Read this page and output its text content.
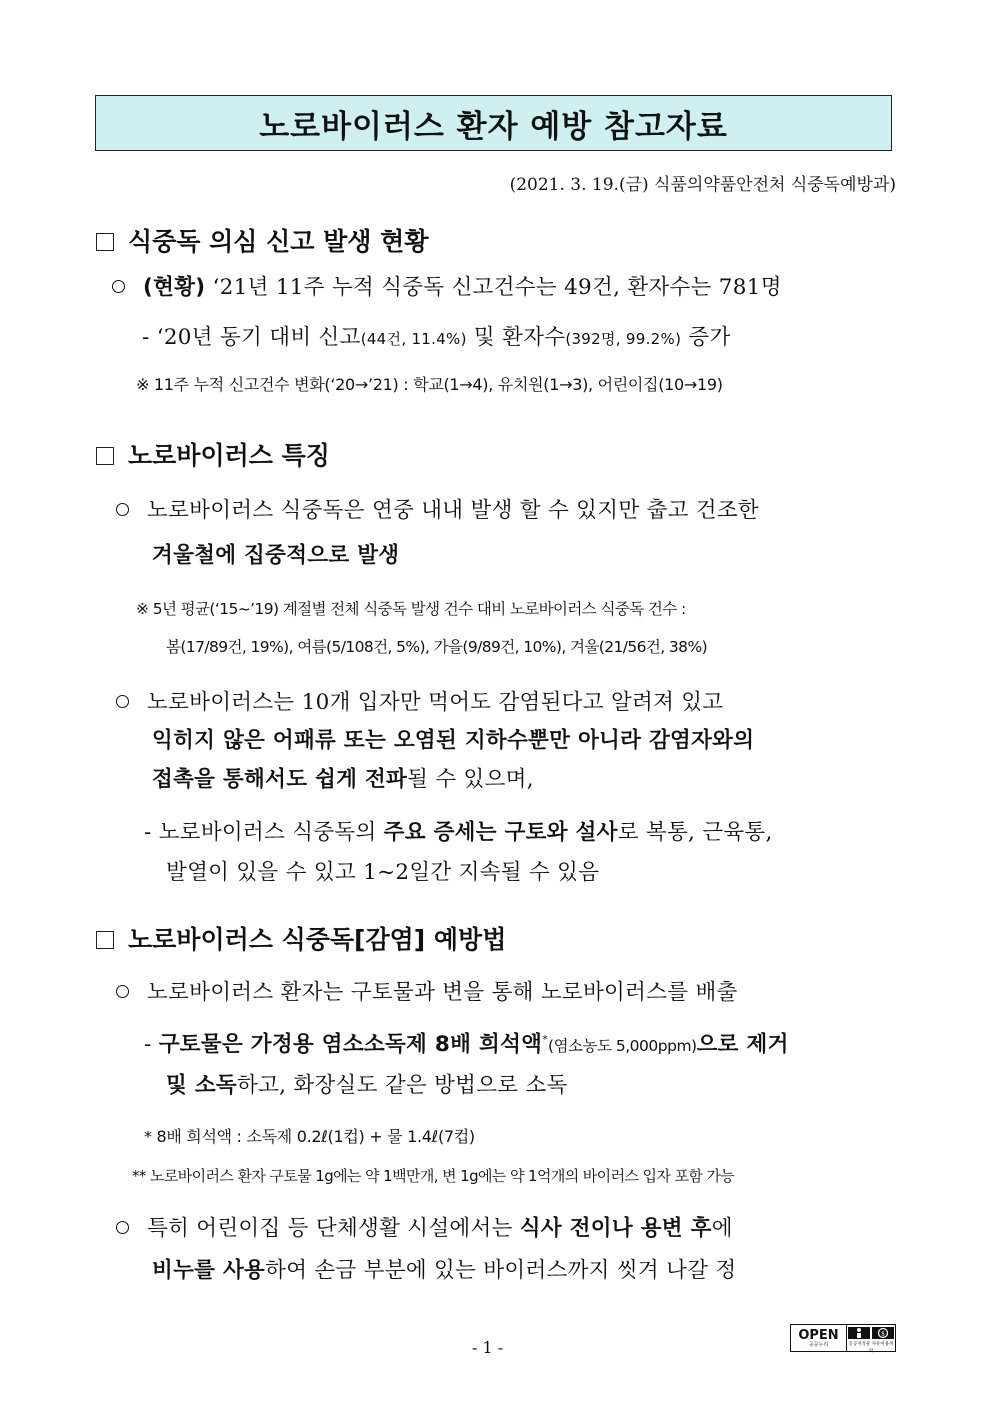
노로바이러스 환자 예방 참고자료
(2021. 3. 19.(금) 식품의약품안전처 식중독예방과)
식중독 의심 신고 발생 현황
(현황) ‘21년 11주 누적 식중독 신고건수는 49건, 환자수는 781명
- ‘20년 동기 대비 신고(44건, 11.4%) 및 환자수(392명, 99.2%) 증가
※ 11주 누적 신고건수 변화(‘20→’21) : 학교(1→4), 유치원(1→3), 어린이집(10→19)
노로바이러스 특징
노로바이러스 식중독은 연중 내내 발생 할 수 있지만 춥고 건조한
겨울철에 집중적으로 발생
※ 5년 평균(‘15~’19) 계절별 전체 식중독 발생 건수 대비 노로바이러스 식중독 건수 :
봄(17/89건, 19%), 여름(5/108건, 5%), 가을(9/89건, 10%), 겨울(21/56건, 38%)
노로바이러스는 10개 입자만 먹어도 감염된다고 알려져 있고
익히지 않은 어패류 또는 오염된 지하수뿐만 아니라 감염자와의
접촉을 통해서도 쉽게 전파될 수 있으며,
- 노로바이러스 식중독의 주요 증세는 구토와 설사로 복통, 근육통,
발열이 있을 수 있고 1~2일간 지속될 수 있음
노로바이러스 식중독[감염] 예방법
노로바이러스 환자는 구토물과 변을 통해 노로바이러스를 배출
- 구토물은 가정용 염소소독제 8배 희석액*(염소농도 5,000ppm)으로 제거
및 소독하고, 화장실도 같은 방법으로 소독
* 8배 희석액 : 소독제 0.2ℓ(1컵) + 물 1.4ℓ(7컵)
** 노로바이러스 환자 구토물 1g에는 약 1백만개, 변 1g에는 약 1억개의 바이러스 입자 포함 가능
특히 어린이집 등 단체생활 시설에서는 식사 전이나 용변 후에
비누를 사용하여 손금 부분에 있는 바이러스까지 씻겨 나갈 정
- 1 -
OPEN
공공누리
$
공공저작물 자유이용허락
